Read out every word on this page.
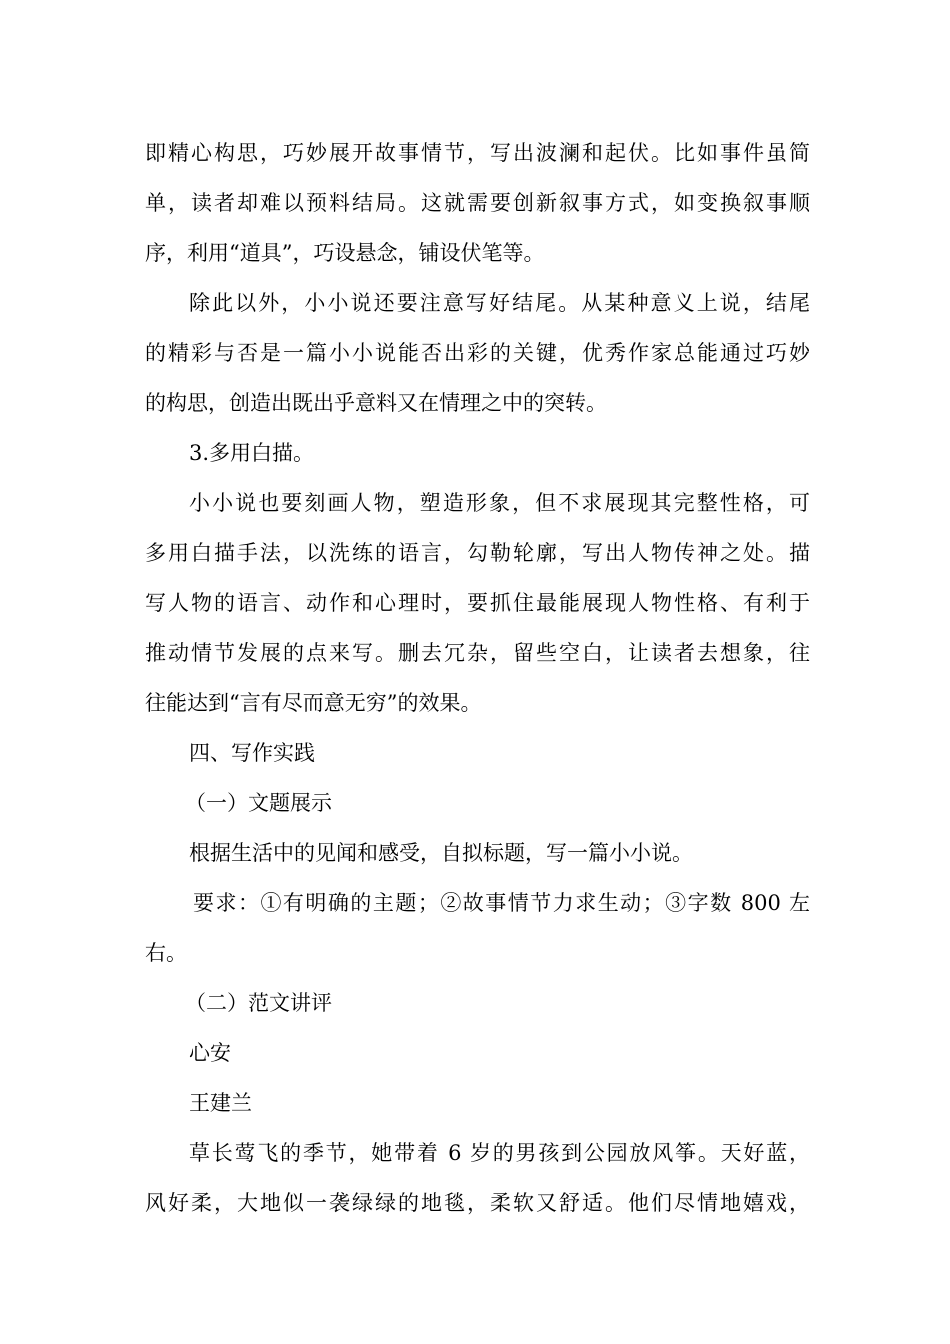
即精心构思，巧妙展开故事情节，写出波澜和起伏。比如事件虽简
单，读者却难以预料结局。这就需要创新叙事方式，如变换叙事顺
序，利用“道具”，巧设悬念，铺设伏笔等。
除此以外，小小说还要注意写好结尾。从某种意义上说，结尾
的精彩与否是一篇小小说能否出彩的关键，优秀作家总能通过巧妙
的构思，创造出既出乎意料又在情理之中的突转。
3.多用白描。
小小说也要刻画人物，塑造形象，但不求展现其完整性格，可
多用白描手法，以洗练的语言，勾勒轮廓，写出人物传神之处。描
写人物的语言、动作和心理时，要抓住最能展现人物性格、有利于
推动情节发展的点来写。删去冗杂，留些空白，让读者去想象，往
往能达到“言有尽而意无穷”的效果。
四、写作实践
（一）文题展示
根据生活中的见闻和感受，自拟标题，写一篇小小说。
要求：①有明确的主题；②故事情节力求生动；③字数 800 左
右。
（二）范文讲评
心安
王建兰
草长莺飞的季节，她带着 6 岁的男孩到公园放风筝。天好蓝，
风好柔，大地似一袭绿绿的地毯，柔软又舒适。他们尽情地嬉戏，
